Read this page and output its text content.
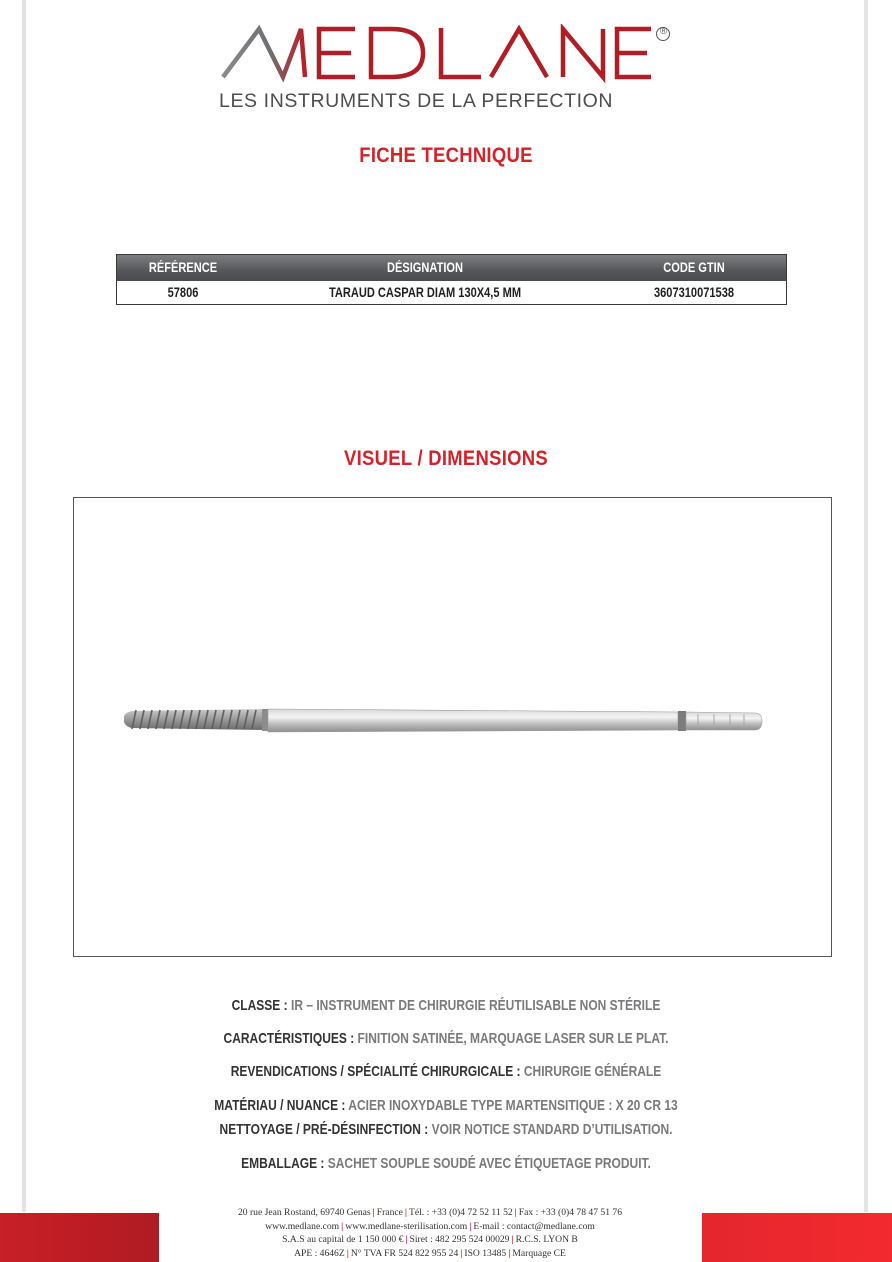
®
LES INSTRUMENTS DE LA PERFECTION
FICHE TECHNIQUE
RÉFÉRENCE	DÉSIGNATION	CODE GTIN
57806	TARAUD CASPAR DIAM 130X4,5 MM	3607310071538
VISUEL / DIMENSIONS
CLASSE : IR – INSTRUMENT DE CHIRURGIE RÉUTILISABLE NON STÉRILE
CARACTÉRISTIQUES : FINITION SATINÉE, MARQUAGE LASER SUR LE PLAT.
REVENDICATIONS / SPÉCIALITÉ CHIRURGICALE : CHIRURGIE GÉNÉRALE
MATÉRIAU / NUANCE : ACIER INOXYDABLE TYPE MARTENSITIQUE : X 20 CR 13
NETTOYAGE / PRÉ-DÉSINFECTION : VOIR NOTICE STANDARD D’UTILISATION.
EMBALLAGE : SACHET SOUPLE SOUDÉ AVEC ÉTIQUETAGE PRODUIT.
20 rue Jean Rostand, 69740 Genas | France | Tél. : +33 (0)4 72 52 11 52 | Fax : +33 (0)4 78 47 51 76
www.medlane.com | www.medlane-sterilisation.com | E-mail : contact@medlane.com
S.A.S au capital de 1 150 000 € | Siret : 482 295 524 00029 | R.C.S. LYON B
APE : 4646Z | N° TVA FR 524 822 955 24 | ISO 13485 | Marquage CE
